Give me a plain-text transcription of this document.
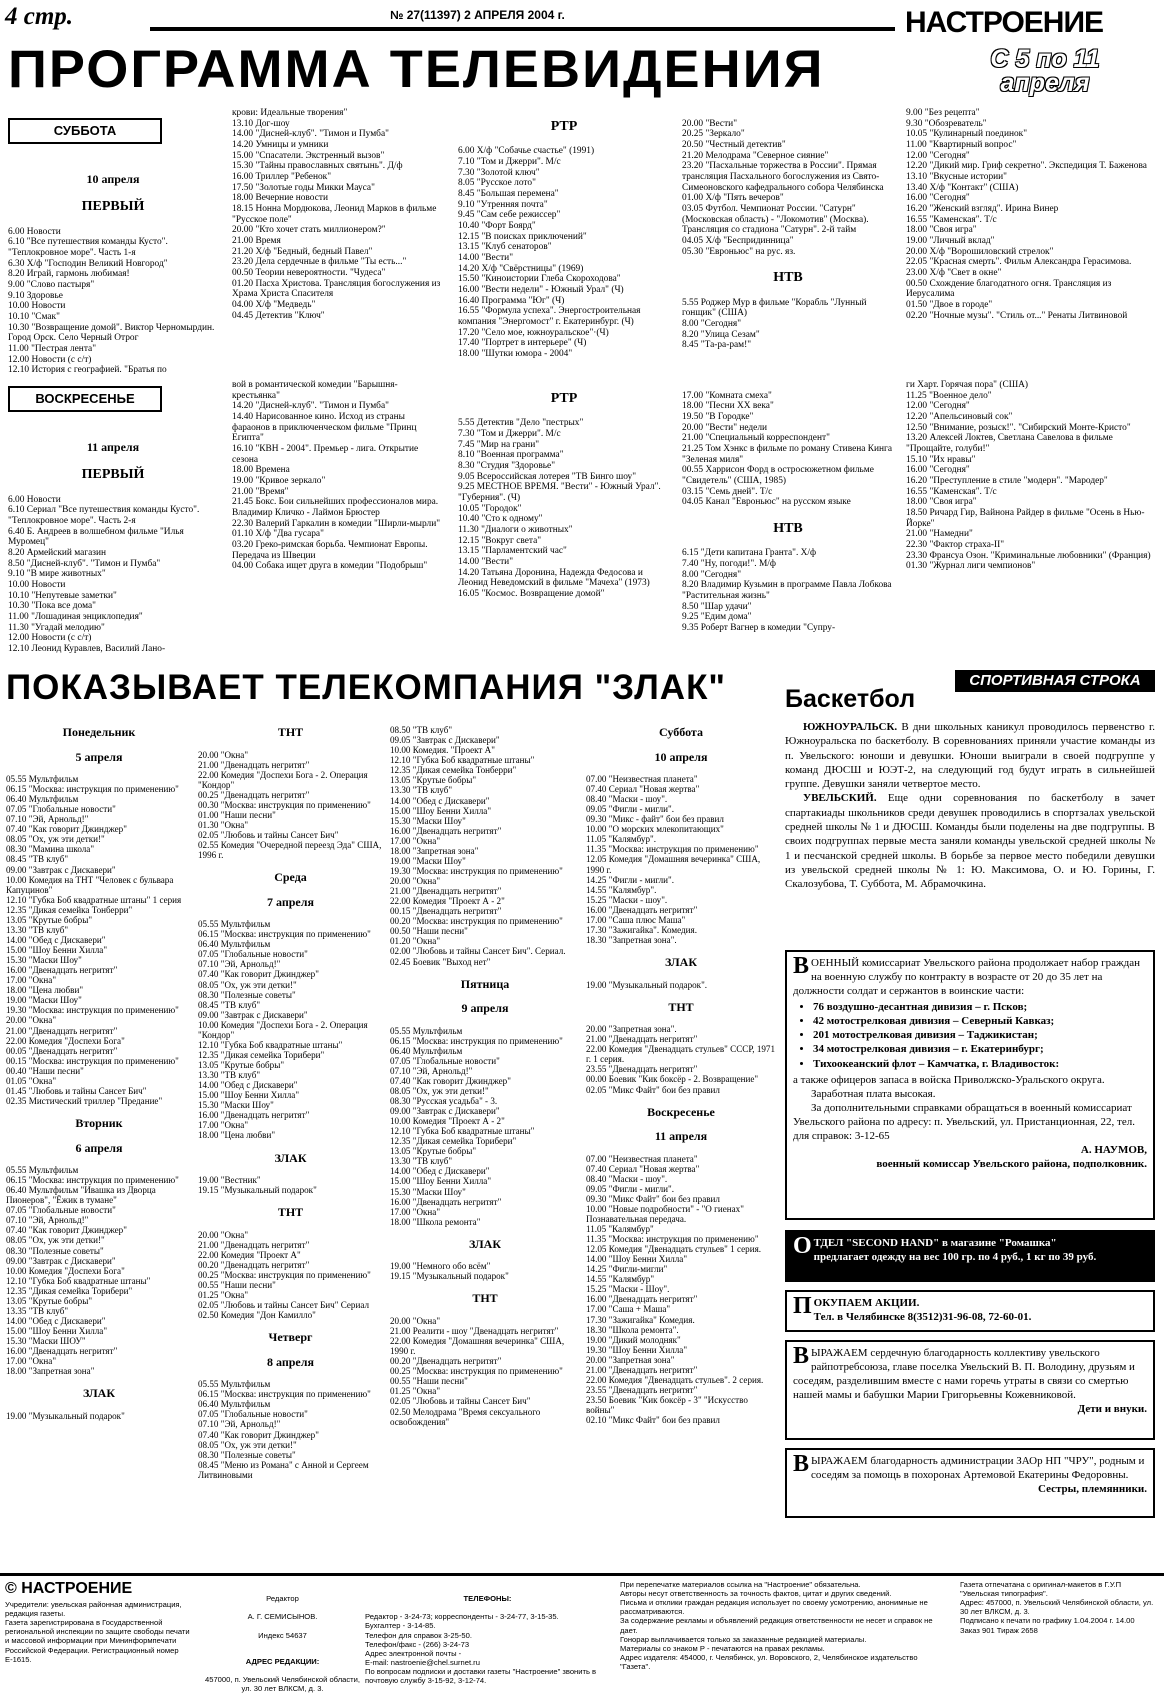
4 стр.	№ 27(11397) 2 АПРЕЛЯ 2004 г.	НАСТРОЕНИЕ
С 5 по 11 апреля
ПРОГРАММА ТЕЛЕВИДЕНИЯ
СУББОТА

10 апреля

ПЕРВЫЙ

6.00 Новости
6.10 "Все путешествия команды Кусто". "Теплокровное море". Часть 1-я
6.30 Х/ф "Господин Великий Новгород"
8.20 Играй, гармонь любимая!
9.00 "Слово пастыря"
9.10 Здоровье
10.00 Новости
10.10 "Смак"
10.30 "Возвращение домой". Виктор Черномырдин. Город Орск. Село Черный Отрог
11.00 "Пестрая лента"
12.00 Новости (с с/т)
12.10 История с географией. "Братья по

крови: Идеальные творения"
13.10 Дог-шоу
14.00 "Дисней-клуб". "Тимон и Пумба"
14.20 Умницы и умники
15.00 "Спасатели. Экстренный вызов"
15.30 "Тайны православных святынь". Д/ф
16.00 Триллер "Ребенок"
17.50 "Золотые годы Микки Мауса"
18.00 Вечерние новости
18.15 Нонна Мордюкова, Леонид Марков в фильме "Русское поле"
20.00 "Кто хочет стать миллионером?"
21.00 Время
21.20 Х/ф "Бедный, бедный Павел"
23.20 Дела сердечные в фильме "Ты есть..."
00.50 Теории невероятности. "Чудеса"
01.20 Пасха Христова. Трансляция богослужения из Храма Христа Спасителя
04.00 Х/ф "Медведь"
04.45 Детектив "Ключ"

РТР

6.00 Х/ф "Собачье счастье" (1991)
7.10 "Том и Джерри". М/с
7.30 "Золотой ключ"
8.05 "Русское лото"
8.45 "Большая перемена"
9.10 "Утренняя почта"
9.45 "Сам себе режиссер"
10.40 "Форт Боярд"
12.15 "В поисках приключений"
13.15 "Клуб сенаторов"
14.00 "Вести"
14.20 Х/ф "Свёрстницы" (1969)
15.50 "Киноистории Глеба Скороходова"
16.00 "Вести недели" - Южный Урал" (Ч)
16.40 Программа "Юг" (Ч)
16.55 "Формула успеха". Энергостроительная компания "Энергомост" г. Екатеринбург. (Ч)
17.20 "Село мое, южноуральское"·(Ч)
17.40 "Портрет в интерьере" (Ч)
18.00 "Шутки юмора - 2004"

20.00 "Вести"
20.25 "Зеркало"
20.50 "Честный детектив"
21.20 Мелодрама "Северное сияние"
23.20 "Пасхальные торжества в России". Прямая трансляция Пасхального богослужения из Свято-Симеоновского кафедрального собора Челябинска
01.00 Х/ф "Пять вечеров"
03.05 Футбол. Чемпионат России. "Сатурн" (Московская область) - "Локомотив" (Москва). Трансляция со стадиона "Сатурн". 2-й тайм
04.05 Х/ф "Беспридинница"
05.30 "Евроньюс" на рус. яз.

НТВ

5.55 Роджер Мур в фильме "Корабль "Лунный гонщик" (США)
8.00 "Сегодня"
8.20 "Улица Сезам"
8.45 "Та-ра-рам!"

9.00 "Без рецепта"
9.30 "Обозреватель"
10.05 "Кулинарный поединок"
11.00 "Квартирный вопрос"
12.00 "Сегодня"
12.20 "Дикий мир. Гриф секретно". Экспедиция Т. Баженова
13.10 "Вкусные истории"
13.40 Х/ф "Контакт" (США)
16.00 "Сегодня"
16.20 "Женский взгляд". Ирина Винер
16.55 "Каменская". Т/с
18.00 "Своя игра"
19.00 "Личный вклад"
20.00 Х/ф "Ворошиловский стрелок"
22.05 "Красная смерть". Фильм Александра Герасимова.
23.00 Х/ф "Свет в окне"
00.50 Схождение благодатного огня. Трансляция из Иерусалима
01.50 "Двое в городе"
02.20 "Ночные музы". "Стиль от..." Ренаты Литвиновой
ВОСКРЕСЕНЬЕ

11 апреля

ПЕРВЫЙ

6.00 Новости
6.10 Сериал "Все путешествия команды Кусто". "Теплокровное море". Часть 2-я
6.40 Б. Андреев в волшебном фильме "Илья Муромец"
8.20 Армейский магазин
8.50 "Дисней-клуб". "Тимон и Пумба"
9.10 "В мире животных"
10.00 Новости
10.10 "Непутевые заметки"
10.30 "Пока все дома"
11.00 "Лошадиная энциклопедия"
11.30 "Угадай мелодию"
12.00 Новости (с с/т)
12.10 Леонид Куравлев, Василий Лано-

вой в романтической комедии "Барышня-крестьянка"
14.20 "Дисней-клуб". "Тимон и Пумба"
14.40 Нарисованное кино. Исход из страны фараонов в приключенческом фильме "Принц Египта"
16.10 "КВН - 2004". Премьер - лига. Открытие сезона
18.00 Времена
19.00 "Кривое зеркало"
21.00 "Время"
21.45 Бокс. Бои сильнейших профессионалов мира. Владимир Кличко - Лаймон Брюстер
22.30 Валерий Гаркалин в комедии "Ширли-мырли"
01.10 Х/ф "Два гусара"
03.20 Греко-римская борьба. Чемпионат Европы. Передача из Швеции
04.00 Собака ищет друга в комедии "Подобрыш"

РТР

5.55 Детектив "Дело "пестрых"
7.30 "Том и Джерри". М/с
7.45 "Мир на грани"
8.10 "Военная программа"
8.30 "Студия "Здоровье"
9.05 Всероссийская лотерея "ТВ Бинго шоу"
9.25 МЕСТНОЕ ВРЕМЯ. "Вести" - Южный Урал". "Губерния". (Ч)
10.05 "Городок"
10.40 "Сто к одному"
11.30 "Диалоги о животных"
12.15 "Вокруг света"
13.15 "Парламентский час"
14.00 "Вести"
14.20 Татьяна Доронина, Надежда Федосова и Леонид Неведомский в фильме "Мачеха" (1973)
16.05 "Космос. Возвращение домой"

17.00 "Комната смеха"
18.00 "Песни XX века"
19.50 "В Городке"
20.00 "Вести" недели
21.00 "Специальный корреспондент"
21.25 Том Хэнкс в фильме по роману Стивена Кинга "Зеленая миля"
00.55 Харрисон Форд в остросюжетном фильме "Свидетель" (США, 1985)
03.15 "Семь дней". Т/с
04.05 Канал "Евроньюс" на русском языке

НТВ

6.15 "Дети капитана Гранта". Х/ф
7.40 "Ну, погоди!". М/ф
8.00 "Сегодня"
8.20 Владимир Кузьмин в программе Павла Лобкова "Растительная жизнь"
8.50 "Шар удачи"
9.25 "Едим дома"
9.35 Роберт Вагнер в комедии "Супру-

ги Харт. Горячая пора" (США)
11.25 "Военное дело"
12.00 "Сегодня"
12.20 "Апельсиновый сок"
12.50 "Внимание, розыск!". "Сибирский Монте-Кристо"
13.20 Алексей Локтев, Светлана Савелова в фильме "Прощайте, голуби!"
15.10 "Их нравы"
16.00 "Сегодня"
16.20 "Преступление в стиле "модерн". "Мародер"
16.55 "Каменская". Т/с
18.00 "Своя игра"
18.50 Ричард Гир, Вайнона Райдер в фильме "Осень в Нью-Йорке"
21.00 "Намедни"
22.30 "Фактор страха-II"
23.30 Франсуа Озон. "Криминальные любовники" (Франция)
01.30 "Журнал лиги чемпионов"
ПОКАЗЫВАЕТ ТЕЛЕКОМПАНИЯ "ЗЛАК"

Понедельник

5 апреля

05.55 Мультфильм
06.15 "Москва: инструкция по применению"
06.40 Мультфильм
07.05 "Глобальные новости"
07.10 "Эй, Арнольд!"
07.40 "Как говорит Джинджер"
08.05 "Ох, уж эти детки!"
08.30 "Мамина школа"
08.45 "ТВ клуб"
09.00 "Завтрак с Дискавери"
10.00 Комедия на ТНТ "Человек с бульвара Капуцинов"
12.10 "Губка Боб квадратные штаны" 1 серия
12.35 "Дикая семейка Тонберри"
13.05 "Крутые бобры"
13.30 "ТВ клуб"
14.00 "Обед с Дискавери"
15.00 "Шоу Бенни Хилла"
15.30 "Маски Шоу"
16.00 "Двенадцать негритят"
17.00 "Окна"
18.00 "Цена любви"
19.00 "Маски Шоу"
19.30 "Москва: инструкция по применению"
20.00 "Окна"
21.00 "Двенадцать негритят"
22.00 Комедия "Доспехи Бога"
00.05 "Двенадцать негритят"
00.15 "Москва: инструкция по применению"
00.40 "Наши песни"
01.05 "Окна"
01.45 "Любовь и тайны Сансет Бич"
02.35 Мистический триллер "Предание"

Вторник

6 апреля

05.55 Мультфильм
06.15 "Москва: инструкция по применению"
06.40 Мультфильм "Ивашка из Дворца Пионеров", "Ёжик в тумане"
07.05 "Глобальные новости"
07.10 "Эй, Арнольд!"
07.40 "Как говорит Джинджер"
08.05 "Ох, уж эти детки!"
08.30 "Полезные советы"
09.00 "Завтрак с Дискавери"
10.00 Комедия "Доспехи Бога"
12.10 "Губка Боб квадратные штаны"
12.35 "Дикая семейка Торибери"
13.05 "Крутые бобры"
13.35 "ТВ клуб"
14.00 "Обед с Дискавери"
15.00 "Шоу Бенни Хилла"
15.30 "Маски ШОУ"
16.00 "Двенадцать негритят"
17.00 "Окна"
18.00 "Запретная зона"

ЗЛАК

19.00 "Музыкальный подарок"

ТНТ

20.00 "Окна"
21.00 "Двенадцать негритят"
22.00 Комедия "Доспехи Бога - 2. Операция "Кондор"
00.25 "Двенадцать негритят"
00.30 "Москва: инструкция по применению"
01.00 "Наши песни"
01.30 "Окна"
02.05 "Любовь и тайны Сансет Бич"
02.55 Комедия "Очередной переезд Эда" США, 1996 г.

Среда

7 апреля

05.55 Мультфильм
06.15 "Москва: инструкция по применению"
06.40 Мультфильм
07.05 "Глобальные новости"
07.10 "Эй, Арнольд!"
07.40 "Как говорит Джинджер"
08.05 "Ох, уж эти детки!"
08.30 "Полезные советы"
08.45 "ТВ клуб"
09.00 "Завтрак с Дискавери"
10.00 Комедия "Доспехи Бога - 2. Операция "Кондор"
12.10 "Губка Боб квадратные штаны"
12.35 "Дикая семейка Торибери"
13.05 "Крутые бобры"
13.30 "ТВ клуб"
14.00 "Обед с Дискавери"
15.00 "Шоу Бенни Хилла"
15.30 "Маски Шоу"
16.00 "Двенадцать негритят"
17.00 "Окна"
18.00 "Цена любви"

ЗЛАК

19.00 "Вестник"
19.15 "Музыкальный подарок"

ТНТ

20.00 "Окна"
21.00 "Двенадцать негритят"
22.00 Комедия "Проект А"
00.20 "Двенадцать негритят"
00.25 "Москва: инструкция по применению"
00.55 "Наши песни"
01.25 "Окна"
02.05 "Любовь и тайны Сансет Бич" Сериал
02.50 Комедия "Дон Камилло"

Четверг

8 апреля

05.55 Мультфильм
06.15 "Москва: инструкция по применению"
06.40 Мультфильм
07.05 "Глобальные новости"
07.10 "Эй, Арнольд!"
07.40 "Как говорит Джинджер"
08.05 "Ох, уж эти детки!"
08.30 "Полезные советы"
08.45 "Меню из Романа" с Анной и Сергеем Литвиновыми

08.50 "ТВ клуб"
09.05 "Завтрак с Дискавери"
10.00 Комедия. "Проект А"
12.10 "Губка Боб квадратные штаны"
12.35 "Дикая семейка Тонберри"
13.05 "Крутые бобры"
13.30 "ТВ клуб"
14.00 "Обед с Дискавери"
15.00 "Шоу Бенни Хилла"
15.30 "Маски Шоу"
16.00 "Двенадцать негритят"
17.00 "Окна"
18.00 "Запретная зона"
19.00 "Маски Шоу"
19.30 "Москва: инструкция по применению"
20.00 "Окна"
21.00 "Двенадцать негритят"
22.00 Комедия "Проект А - 2"
00.15 "Двенадцать негритят"
00.20 "Москва: инструкция по применению"
00.50 "Наши песни"
01.20 "Окна"
02.00 "Любовь и тайны Сансет Бич". Сериал.
02.45 Боевик "Выход нет"

Пятница

9 апреля

05.55 Мультфильм
06.15 "Москва: инструкция по применению"
06.40 Мультфильм
07.05 "Глобальные новости"
07.10 "Эй, Арнольд!"
07.40 "Как говорит Джинджер"
08.05 "Ох, уж эти детки!"
08.30 "Русская усадьба" - 3.
09.00 "Завтрак с Дискавери"
10.00 Комедия "Проект А - 2"
12.10 "Губка Боб квадратные штаны"
12.35 "Дикая семейка Торибери"
13.05 "Крутые бобры"
13.30 "ТВ клуб"
14.00 "Обед с Дискавери"
15.00 "Шоу Бенни Хилла"
15.30 "Маски Шоу"
16.00 "Двенадцать негритят"
17.00 "Окна"
18.00 "Школа ремонта"

ЗЛАК

19.00 "Немного обо всём"
19.15 "Музыкальный подарок"

ТНТ

20.00 "Окна"
21.00 Реалити - шоу "Двенадцать негритят"
22.00 Комедия "Домашняя вечеринка" США, 1990 г.
00.20 "Двенадцать негритят"
00.25 "Москва: инструкция по применению"
00.55 "Наши песни"
01.25 "Окна"
02.05 "Любовь и тайны Сансет Бич"
02.50 Мелодрама "Время сексуального освобождения"

Суббота

10 апреля

07.00 "Неизвестная планета"
07.40 Сериал "Новая жертва"
08.40 "Маски - шоу".
09.05 "Фигли - мигли".
09.30 "Микс - файт" бои без правил
10.00 "О морских млекопитающих"
11.05 "Калямбур".
11.35 "Москва: инструкция по применению"
12.05 Комедия "Домашняя вечеринка" США, 1990 г.
14.25 "Фигли - мигли".
14.55 "Калямбур".
15.25 "Маски - шоу".
16.00 "Двенадцать негритят"
17.00 "Саша плюс Маша"
17.30 "Зажигайка". Комедия.
18.30 "Запретная зона".

ЗЛАК

19.00 "Музыкальный подарок".

ТНТ

20.00 "Запретная зона".
21.00 "Двенадцать негритят"
22.00 Комедия "Двенадцать стульев" СССР, 1971 г. 1 серия.
23.55 "Двенадцать негритят"
00.00 Боевик "Кик боксёр - 2. Возвращение"
02.05 "Микс Файт" бои без правил

Воскресенье

11 апреля

07.00 "Неизвестная планета"
07.40 Сериал "Новая жертва"
08.40 "Маски - шоу".
09.05 "Фигли - мигли".
09.30 "Микс Файт" бои без правил
10.00 "Новые подробности" - "О гиенах" Познавательная передача.
11.05 "Калямбур"
11.35 "Москва: инструкция по применению"
12.05 Комедия "Двенадцать стульев" 1 серия.
14.00 "Шоу Бенни Хилла"
14.25 "Фигли-мигли"
14.55 "Калямбур"
15.25 "Маски - Шоу".
16.00 "Двенадцать негритят"
17.00 "Саша + Маша"
17.30 "Зажигайка" Комедия.
18.30 "Школа ремонта".
19.00 "Дикий молодняк"
19.30 "Шоу Бенни Хилла"
20.00 "Запретная зона"
21.00 "Двенадцать негритят"
22.00 Комедия "Двенадцать стульев". 2 серия.
23.55 "Двенадцать негритят"
23.50 Боевик "Кик боксёр - 3" "Искусство войны"
02.10 "Микс Файт" бои без правил

СПОРТИВНАЯ СТРОКА
Баскетбол
ЮЖНОУРАЛЬСК. В дни школьных каникул проводилось первенство г. Южноуральска по баскетболу. В соревнованиях приняли участие команды из п. Увельского: юноши и девушки. Юноши выиграли в своей подгруппе у команд ДЮСШ и ЮЭТ-2, на следующий год будут играть в сильнейшей группе. Девушки заняли четвертое место.
УВЕЛЬСКИЙ. Еще одни соревнования по баскетболу в зачет спартакиады школьников среди девушек проводились в спортзалах увельской средней школы № 1 и ДЮСШ. Команды были поделены на две подгруппы. В своих подгруппах первые места заняли команды увельской средней школы № 1 и песчанской средней школы. В борьбе за первое место победили девушки из увельской средней школы № 1: Ю. Максимова, О. и Ю. Горины, Г. Скалозубова, Т. Суббота, М. Абрамочкина.
ВОЕННЫЙ комиссариат Увельского района продолжает набор граждан на военную службу по контракту в возрасте от 20 до 35 лет на должности солдат и сержантов в воинские части:
• 76 воздушно-десантная дивизия – г. Псков;
• 42 мотострелковая дивизия – Северный Кавказ;
• 201 мотострелковая дивизия – Таджикистан;
• 34 мотострелковая дивизия – г. Екатеринбург;
• Тихоокеанский флот – Камчатка, г. Владивосток:
а также офицеров запаса в войска Приволжско-Уральского округа.
Заработная плата высокая.
За дополнительными справками обращаться в военный комиссариат Увельского района по адресу: п. Увельский, ул. Пристанционная, 22, тел. для справок: 3-12-65
А. НАУМОВ,
военный комиссар Увельского района, подполковник.
ОТДЕЛ "SECOND HAND" в магазине "Ромашка"
предлагает одежду на вес 100 гр. по 4 руб., 1 кг по 39 руб.
ПОКУПАЕМ АКЦИИ.
Тел. в Челябинске 8(3512)31-96-08, 72-60-01.
ВЫРАЖАЕМ сердечную благодарность коллективу увельского райпотребсоюза, главе поселка Увельский В. П. Володину, друзьям и соседям, разделившим вместе с нами горечь утраты в связи со смертью нашей мамы и бабушки Марии Григорьевны Кожевниковой.
Дети и внуки.
ВЫРАЖАЕМ благодарность администрации ЗАОр НП "ЧРУ", родным и соседям за помощь в похоронах Артемовой Екатерины Федоровны.
Сестры, племянники.
© НАСТРОЕНИЕ
Учредители: увельская районная администрация, редакция газеты.
Газета зарегистрирована в Государственной региональной инспекции по защите свободы печати и массовой информации при Мининформпечати Российской Федерации. Регистрационный номер Е-1615.

Редактор

А. Г. СЕМИСЫНОВ.

Индекс 54637

АДРЕС РЕДАКЦИИ:

457000, п. Увельский Челябинской области, ул. 30 лет ВЛКСМ, д. 3.

ТЕЛЕФОНЫ:

Редактор - 3-24-73; корреспонденты - 3-24-77, 3-15-35.
Бухгалтер - 3-14-85.
Телефон для справок 3-25-50.
Телефон/факс - (266) 3-24-73
Адрес электронной почты -
E-mail: nastroenie@chel.surnet.ru
По вопросам подписки и доставки газеты "Настроение" звонить в почтовую службу 3-15-92, 3-12-74.

При перепечатке материалов ссылка на "Настроение" обязательна.
Авторы несут ответственность за точность фактов, цитат и других сведений.
Письма и отклики граждан редакция использует по своему усмотрению, анонимные не рассматриваются.
За содержание рекламы и объявлений редакция ответственности не несет и справок не дает.
Гонорар выплачивается только за заказанные редакцией материалы.
Материалы со знаком Р - печатаются на правах рекламы.
Адрес издателя: 454000, г. Челябинск, ул. Воровского, 2, Челябинское издательство "Газета".
Газета отпечатана с оригинал-макетов в Г.У.П "Увельская типография".
Адрес: 457000, п. Увельский Челябинской области, ул. 30 лет ВЛКСМ, д. 3.
Подписано к печати по графику 1.04.2004 г. 14.00
Заказ 901 Тираж 2658
